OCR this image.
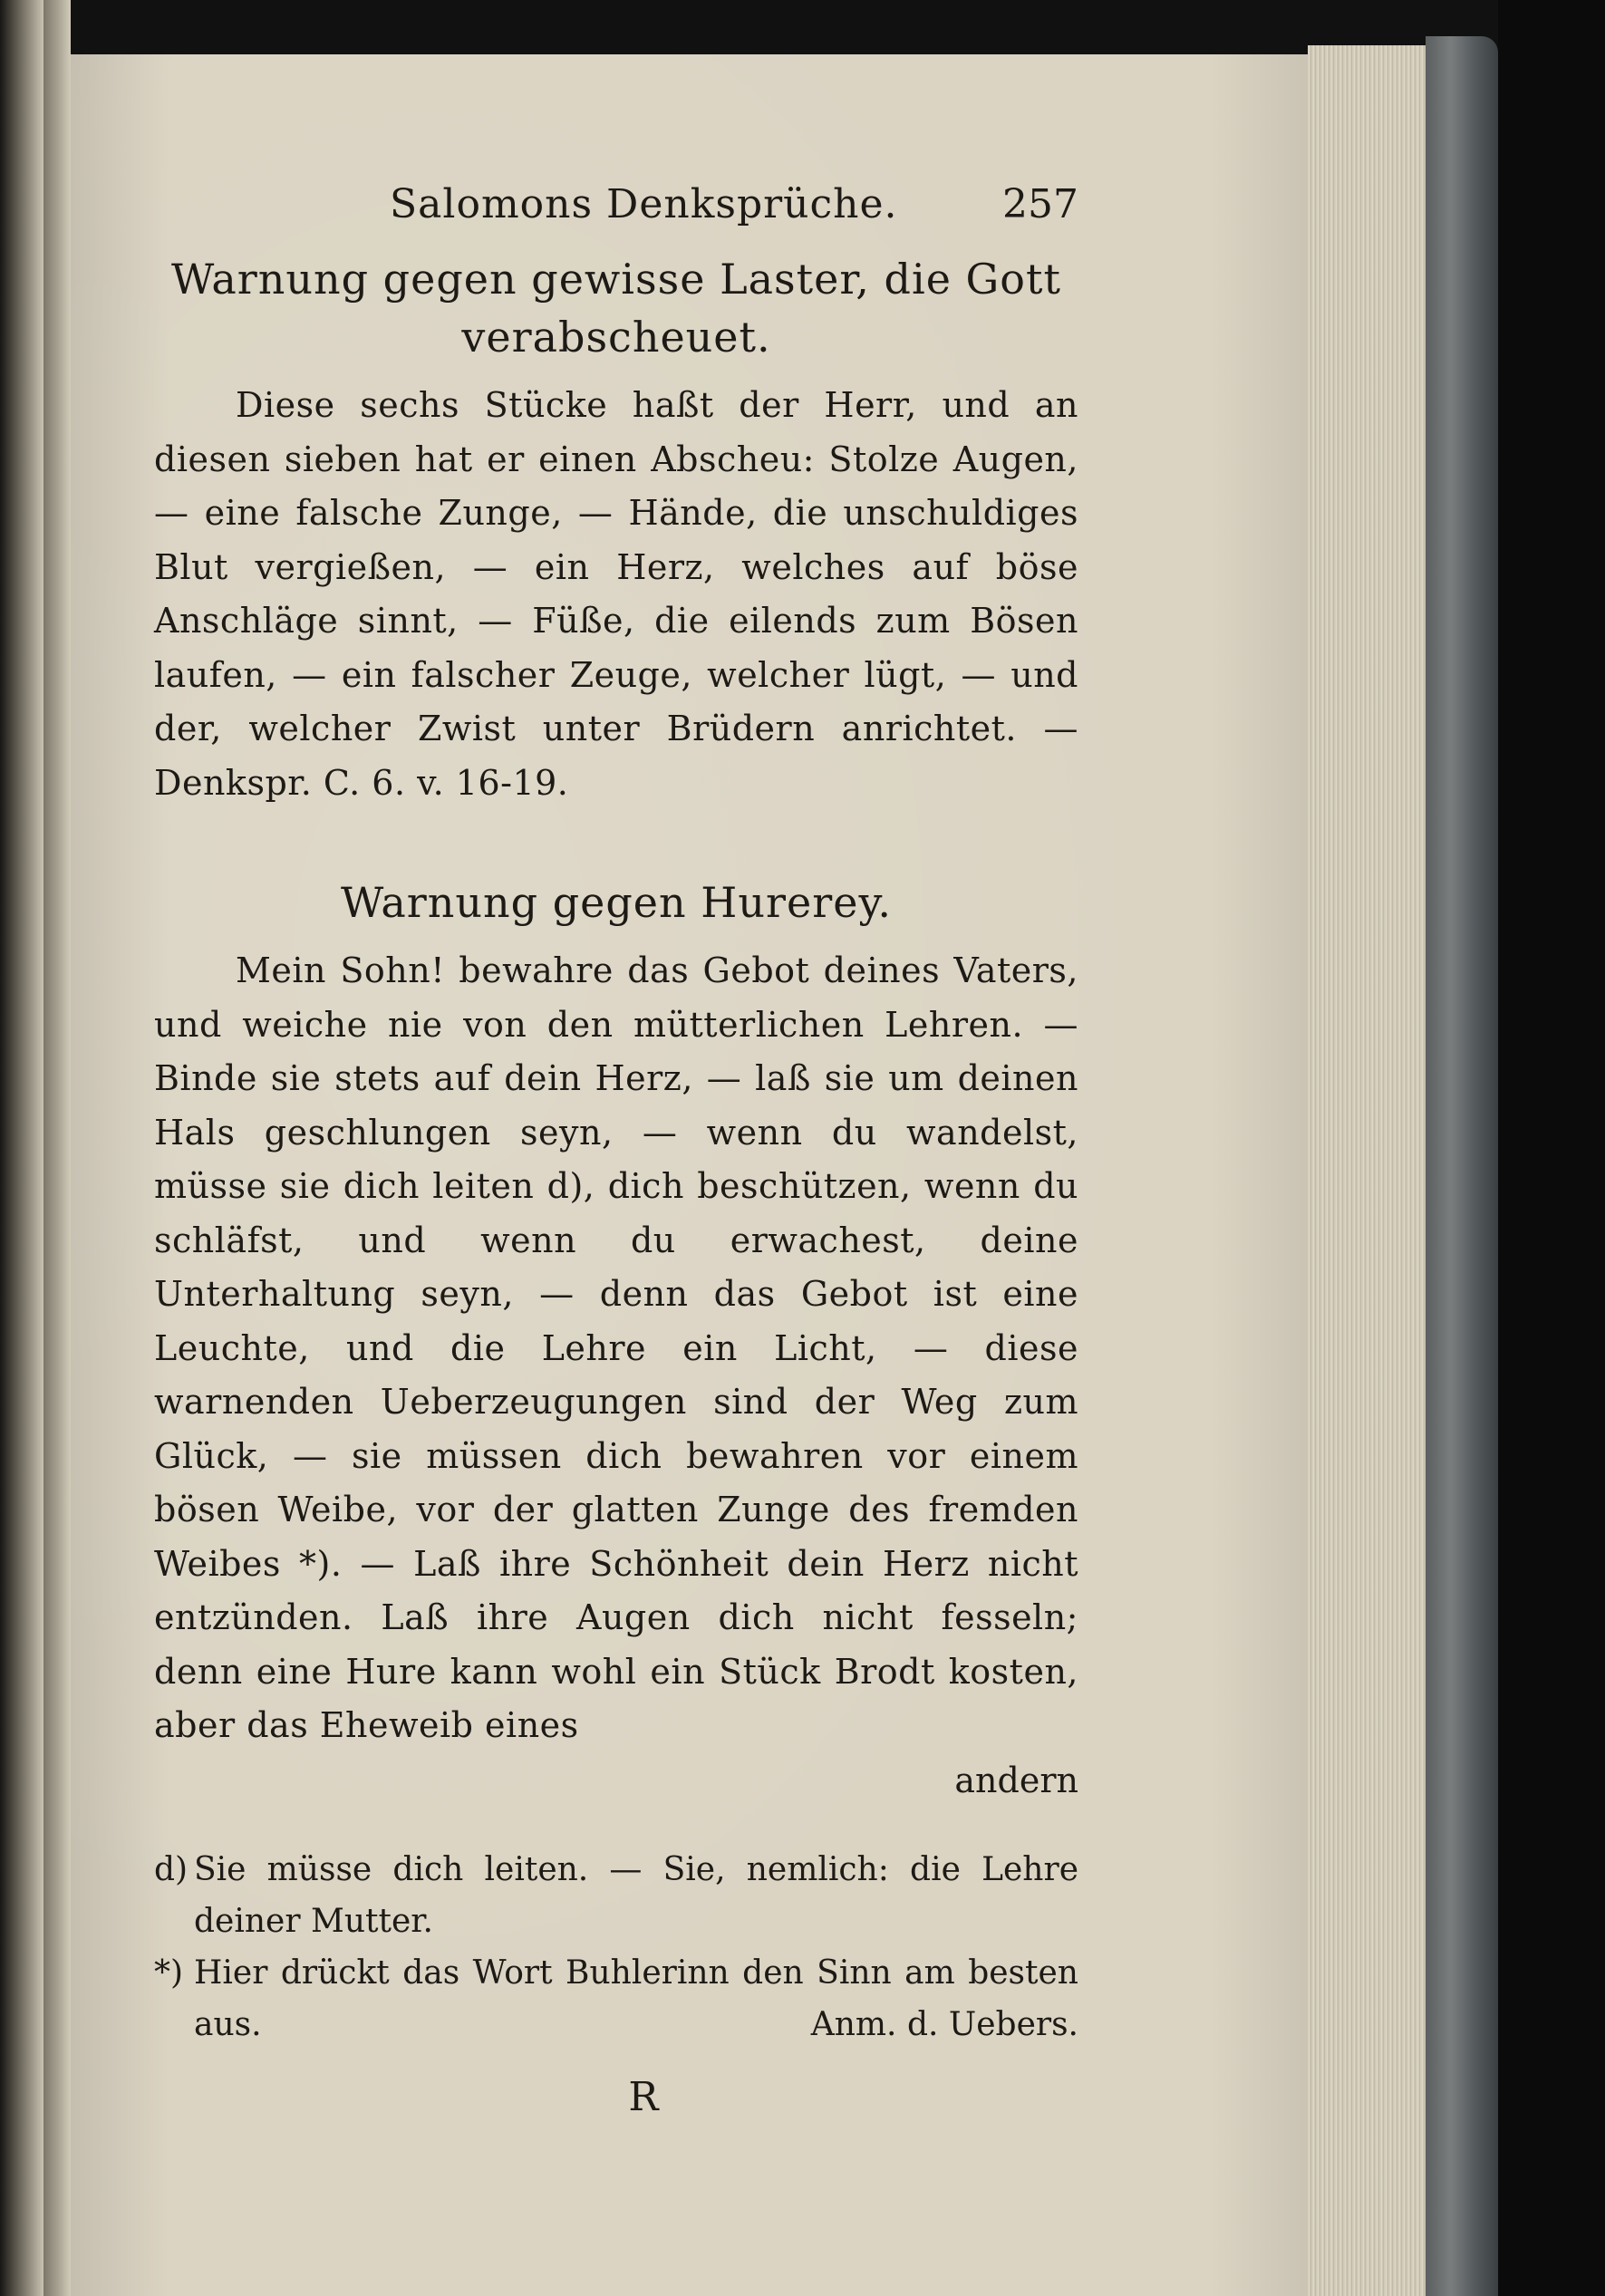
Salomons Denksprüche.	257
Warnung gegen gewisse Laster, die Gott verabscheuet.

Diese sechs Stücke haßt der Herr, und an diesen sieben hat er einen Abscheu: Stolze Augen, — eine falsche Zunge, — Hände, die unschuldiges Blut vergießen, — ein Herz, welches auf böse Anschläge sinnt, — Füße, die eilends zum Bösen laufen, — ein falscher Zeuge, welcher lügt, — und der, welcher Zwist unter Brüdern anrichtet. — Denkspr. C. 6. v. 16-19.

Warnung gegen Hurerey.

Mein Sohn! bewahre das Gebot deines Vaters, und weiche nie von den mütterlichen Lehren. — Binde sie stets auf dein Herz, — laß sie um deinen Hals geschlungen seyn, — wenn du wandelst, müsse sie dich leiten d), dich beschützen, wenn du schläfst, und wenn du erwachest, deine Unterhaltung seyn, — denn das Gebot ist eine Leuchte, und die Lehre ein Licht, — diese warnenden Ueberzeugungen sind der Weg zum Glück, — sie müssen dich bewahren vor einem bösen Weibe, vor der glatten Zunge des fremden Weibes *). — Laß ihre Schönheit dein Herz nicht entzünden. Laß ihre Augen dich nicht fesseln; denn eine Hure kann wohl ein Stück Brodt kosten, aber das Eheweib eines

andern
d) Sie müsse dich leiten. — Sie, nemlich: die Lehre deiner Mutter.
*) Hier drückt das Wort Buhlerinn den Sinn am besten aus.	Anm. d. Uebers.
R
